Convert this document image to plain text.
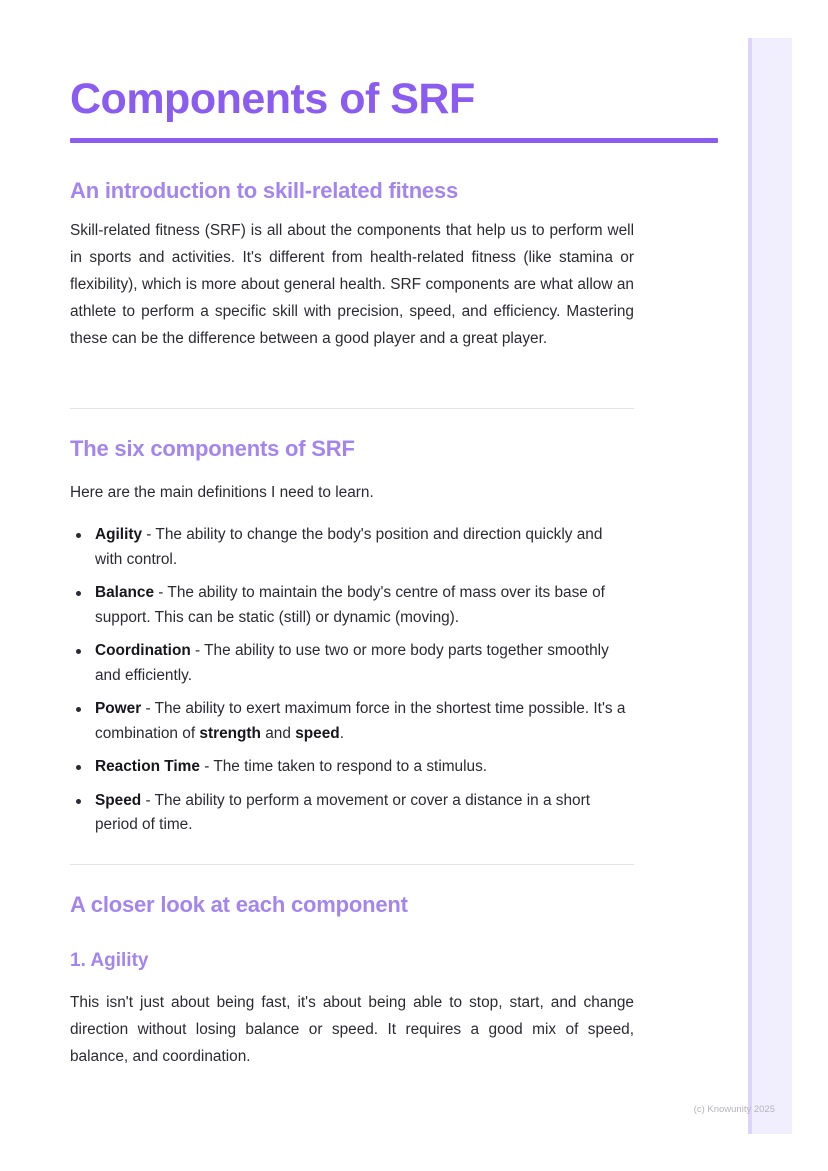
Components of SRF
An introduction to skill-related fitness

Skill-related fitness (SRF) is all about the components that help us to perform well in sports and activities. It's different from health-related fitness (like stamina or flexibility), which is more about general health. SRF components are what allow an athlete to perform a specific skill with precision, speed, and efficiency. Mastering these can be the difference between a good player and a great player.

The six components of SRF

Here are the main definitions I need to learn.

Agility - The ability to change the body's position and direction quickly and with control.
Balance - The ability to maintain the body's centre of mass over its base of support. This can be static (still) or dynamic (moving).
Coordination - The ability to use two or more body parts together smoothly and efficiently.
Power - The ability to exert maximum force in the shortest time possible. It's a combination of strength and speed.
Reaction Time - The time taken to respond to a stimulus.
Speed - The ability to perform a movement or cover a distance in a short period of time.
A closer look at each component
1. Agility

This isn't just about being fast, it's about being able to stop, start, and change direction without losing balance or speed. It requires a good mix of speed, balance, and coordination.

(c) Knowunity 2025
